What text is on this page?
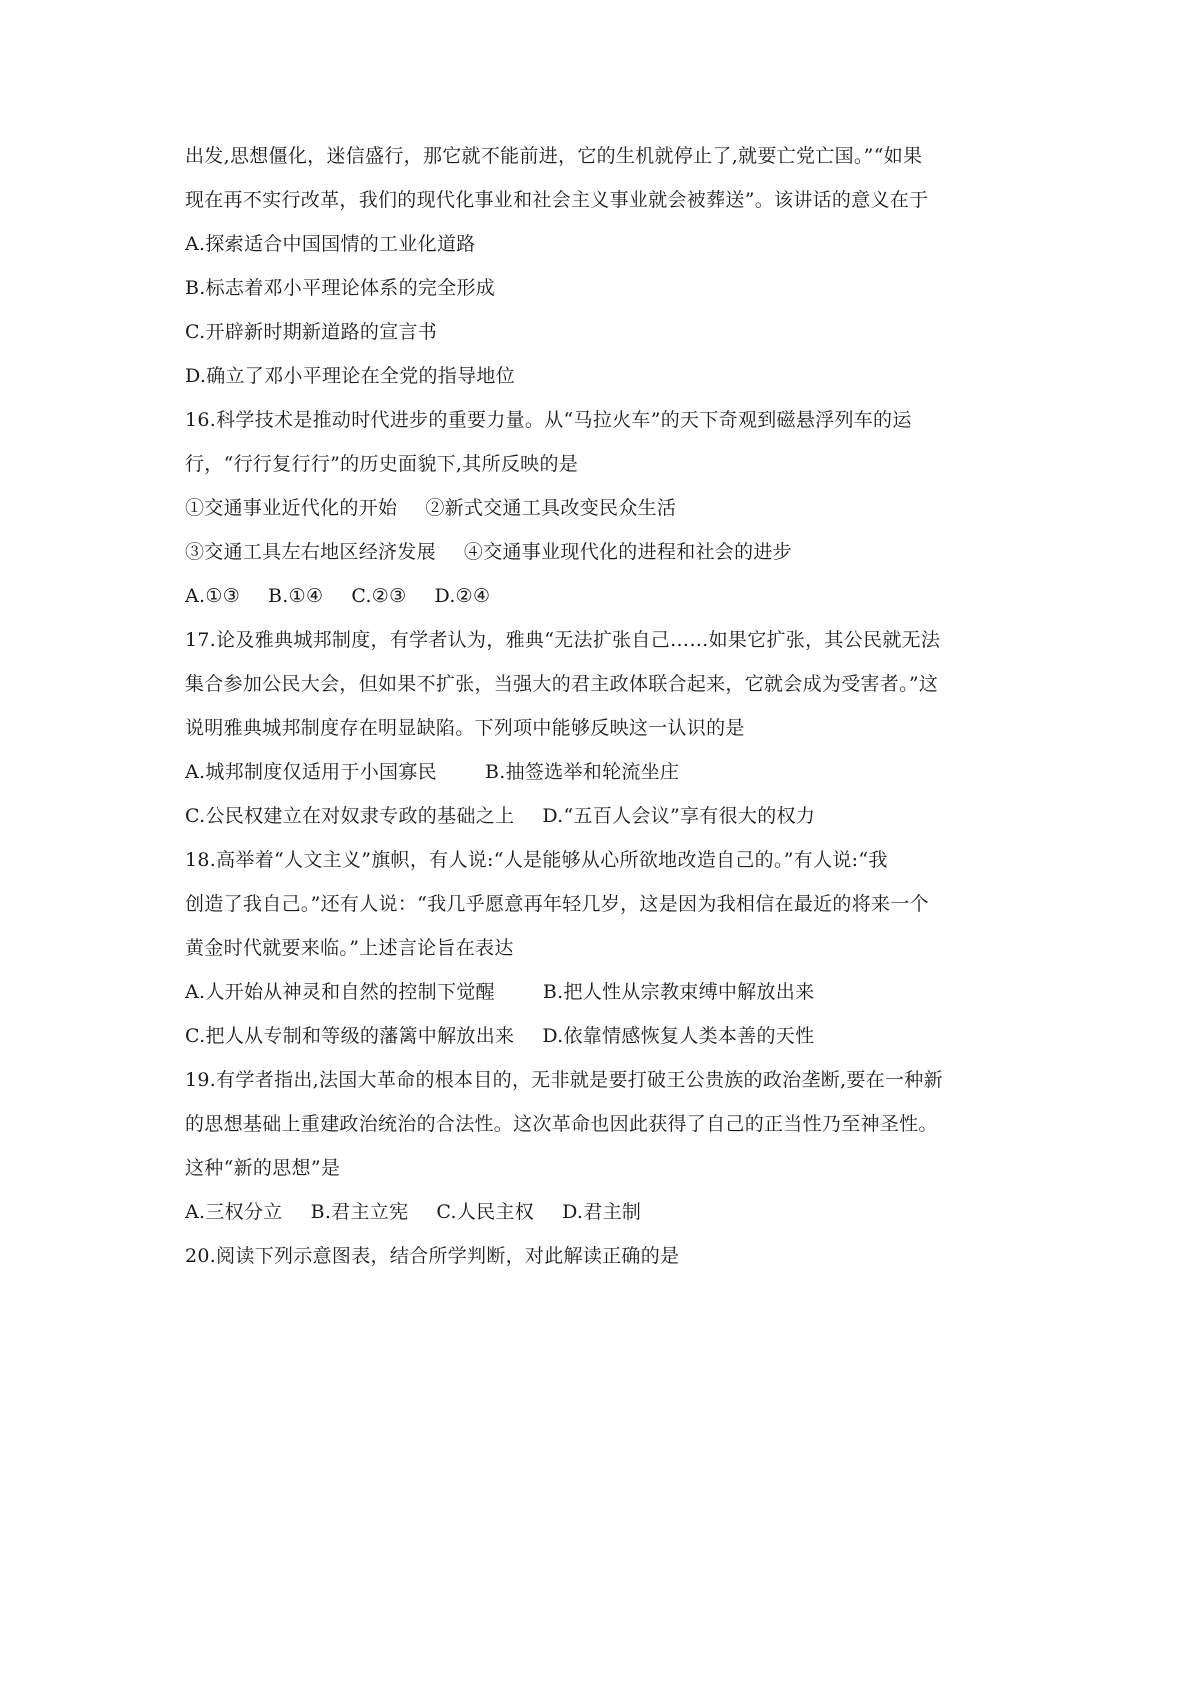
出发,思想僵化，迷信盛行，那它就不能前进，它的生机就停止了,就要亡党亡国。”“如果

现在再不实行改革，我们的现代化事业和社会主义事业就会被葬送”。该讲话的意义在于

A.探索适合中国国情的工业化道路

B.标志着邓小平理论体系的完全形成

C.开辟新时期新道路的宣言书

D.确立了邓小平理论在全党的指导地位

16.科学技术是推动时代进步的重要力量。从“马拉火车”的天下奇观到磁悬浮列车的运

行，“行行复行行”的历史面貌下,其所反映的是

①交通事业近代化的开始 ②新式交通工具改变民众生活

③交通工具左右地区经济发展 ④交通事业现代化的进程和社会的进步

A.①③ B.①④ C.②③ D.②④

17.论及雅典城邦制度，有学者认为，雅典“无法扩张自己……如果它扩张，其公民就无法

集合参加公民大会，但如果不扩张，当强大的君主政体联合起来，它就会成为受害者。”这

说明雅典城邦制度存在明显缺陷。下列项中能够反映这一认识的是

A.城邦制度仅适用于小国寡民	B.抽签选举和轮流坐庄

C.公民权建立在对奴隶专政的基础之上 D.“五百人会议”享有很大的权力

18.高举着“人文主义”旗帜，有人说:“人是能够从心所欲地改造自己的。”有人说:“我

创造了我自己。”还有人说：“我几乎愿意再年轻几岁，这是因为我相信在最近的将来一个

黄金时代就要来临。”上述言论旨在表达

A.人开始从神灵和自然的控制下觉醒	B.把人性从宗教束缚中解放出来

C.把人从专制和等级的藩篱中解放出来 D.依靠情感恢复人类本善的天性

19.有学者指出,法国大革命的根本目的，无非就是要打破王公贵族的政治垄断,要在一种新

的思想基础上重建政治统治的合法性。这次革命也因此获得了自己的正当性乃至神圣性。

这种“新的思想”是

A.三权分立 B.君主立宪 C.人民主权 D.君主制

20.阅读下列示意图表，结合所学判断，对此解读正确的是
